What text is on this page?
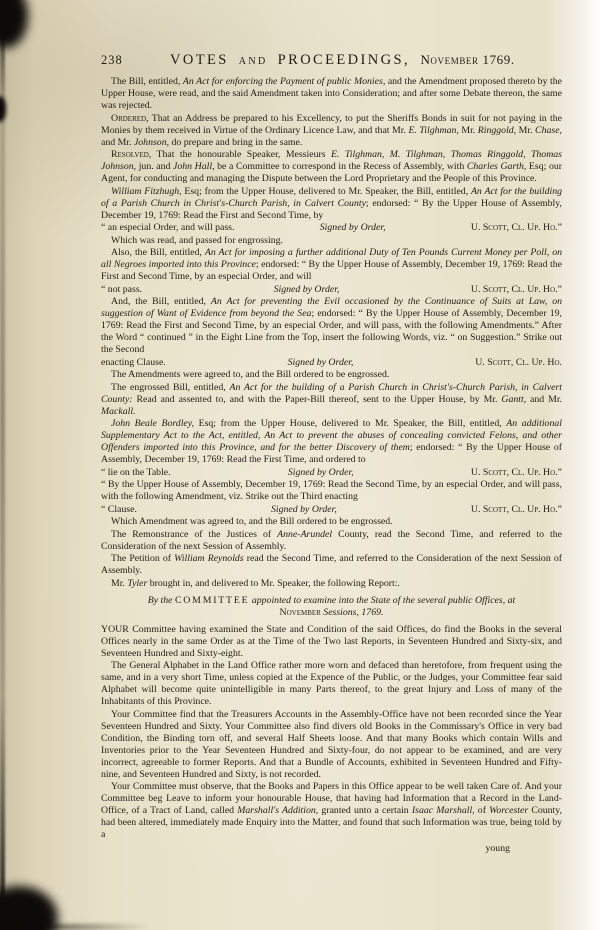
238	VOTES and PROCEEDINGS, November 1769.

The Bill, entitled, An Act for enforcing the Payment of public Monies, and the Amendment proposed thereto by the Upper House, were read, and the said Amendment taken into Consideration; and after some Debate thereon, the same was rejected.

Ordered, That an Address be prepared to his Excellency, to put the Sheriffs Bonds in suit for not paying in the Monies by them received in Virtue of the Ordinary Licence Law, and that Mr. E. Tilghman, Mr. Ringgold, Mr. Chase, and Mr. Johnson, do prepare and bring in the same.

Resolved, That the honourable Speaker, Messieurs E. Tilghman, M. Tilghman, Thomas Ringgold, Thomas Johnson, jun. and John Hall, be a Committee to correspond in the Recess of Assembly, with Charles Garth, Esq; our Agent, for conducting and managing the Dispute between the Lord Proprietary and the People of this Province.

William Fitzhugh, Esq; from the Upper House, delivered to Mr. Speaker, the Bill, entitled, An Act for the building of a Parish Church in Christ's-Church Parish, in Calvert County; endorsed: “ By the Upper House of Assembly, December 19, 1769: Read the First and Second Time, by

“ an especial Order, and will pass.	Signed by Order,	U. Scott, Cl. Up. Ho.”

Which was read, and passed for engrossing.

Also, the Bill, entitled, An Act for imposing a further additional Duty of Ten Pounds Current Money per Poll, on all Negroes imported into this Province; endorsed: “ By the Upper House of Assembly, December 19, 1769: Read the First and Second Time, by an especial Order, and will

“ not pass.	Signed by Order,	U. Scott, Cl. Up. Ho.”

And, the Bill, entitled, An Act for preventing the Evil occasioned by the Continuance of Suits at Law, on suggestion of Want of Evidence from beyond the Sea; endorsed: “ By the Upper House of Assembly, December 19, 1769: Read the First and Second Time, by an especial Order, and will pass, with the following Amendments.” After the Word “ continued ” in the Eight Line from the Top, insert the following Words, viz. “ on Suggestion.” Strike out the Second

enacting Clause.	Signed by Order,	U. Scott, Cl. Up. Ho.

The Amendments were agreed to, and the Bill ordered to be engrossed.

The engrossed Bill, entitled, An Act for the building of a Parish Church in Christ's-Church Parish, in Calvert County: Read and assented to, and with the Paper-Bill thereof, sent to the Upper House, by Mr. Gantt, and Mr. Mackall.

John Beale Bordley, Esq; from the Upper House, delivered to Mr. Speaker, the Bill, entitled, An additional Supplementary Act to the Act, entitled, An Act to prevent the abuses of concealing convicted Felons, and other Offenders imported into this Province, and for the better Discovery of them; endorsed: “ By the Upper House of Assembly, December 19, 1769: Read the First Time, and ordered to

“ lie on the Table.	Signed by Order,	U. Scott, Cl. Up. Ho.”

“ By the Upper House of Assembly, December 19, 1769: Read the Second Time, by an especial Order, and will pass, with the following Amendment, viz. Strike out the Third enacting

“ Clause.	Signed by Order,	U. Scott, Cl. Up. Ho.”

Which Amendment was agreed to, and the Bill ordered to be engrossed.

The Remonstrance of the Justices of Anne-Arundel County, read the Second Time, and referred to the Consideration of the next Session of Assembly.

The Petition of William Reynolds read the Second Time, and referred to the Consideration of the next Session of Assembly.

Mr. Tyler brought in, and delivered to Mr. Speaker, the following Report:.

By the COMMITTEE appointed to examine into the State of the several public Offices, at November Sessions, 1769.

YOUR Committee having examined the State and Condition of the said Offices, do find the Books in the several Offices nearly in the same Order as at the Time of the Two last Reports, in Seventeen Hundred and Sixty-six, and Seventeen Hundred and Sixty-eight.

The General Alphabet in the Land Office rather more worn and defaced than heretofore, from frequent using the same, and in a very short Time, unless copied at the Expence of the Public, or the Judges, your Committee fear said Alphabet will become quite unintelligible in many Parts thereof, to the great Injury and Loss of many of the Inhabitants of this Province.

Your Committee find that the Treasurers Accounts in the Assembly-Office have not been recorded since the Year Seventeen Hundred and Sixty. Your Committee also find divers old Books in the Commissary's Office in very bad Condition, the Binding torn off, and several Half Sheets loose. And that many Books which contain Wills and Inventories prior to the Year Seventeen Hundred and Sixty-four, do not appear to be examined, and are very incorrect, agreeable to former Reports. And that a Bundle of Accounts, exhibited in Seventeen Hundred and Fifty-nine, and Seventeen Hundred and Sixty, is not recorded.

Your Committee must observe, that the Books and Papers in this Office appear to be well taken Care of. And your Committee beg Leave to inform your honourable House, that having had Information that a Record in the Land-Office, of a Tract of Land, called Marshall's Addition, granted unto a certain Isaac Marshall, of Worcester County, had been altered, immediately made Enquiry into the Matter, and found that such Information was true, being told by a

young
